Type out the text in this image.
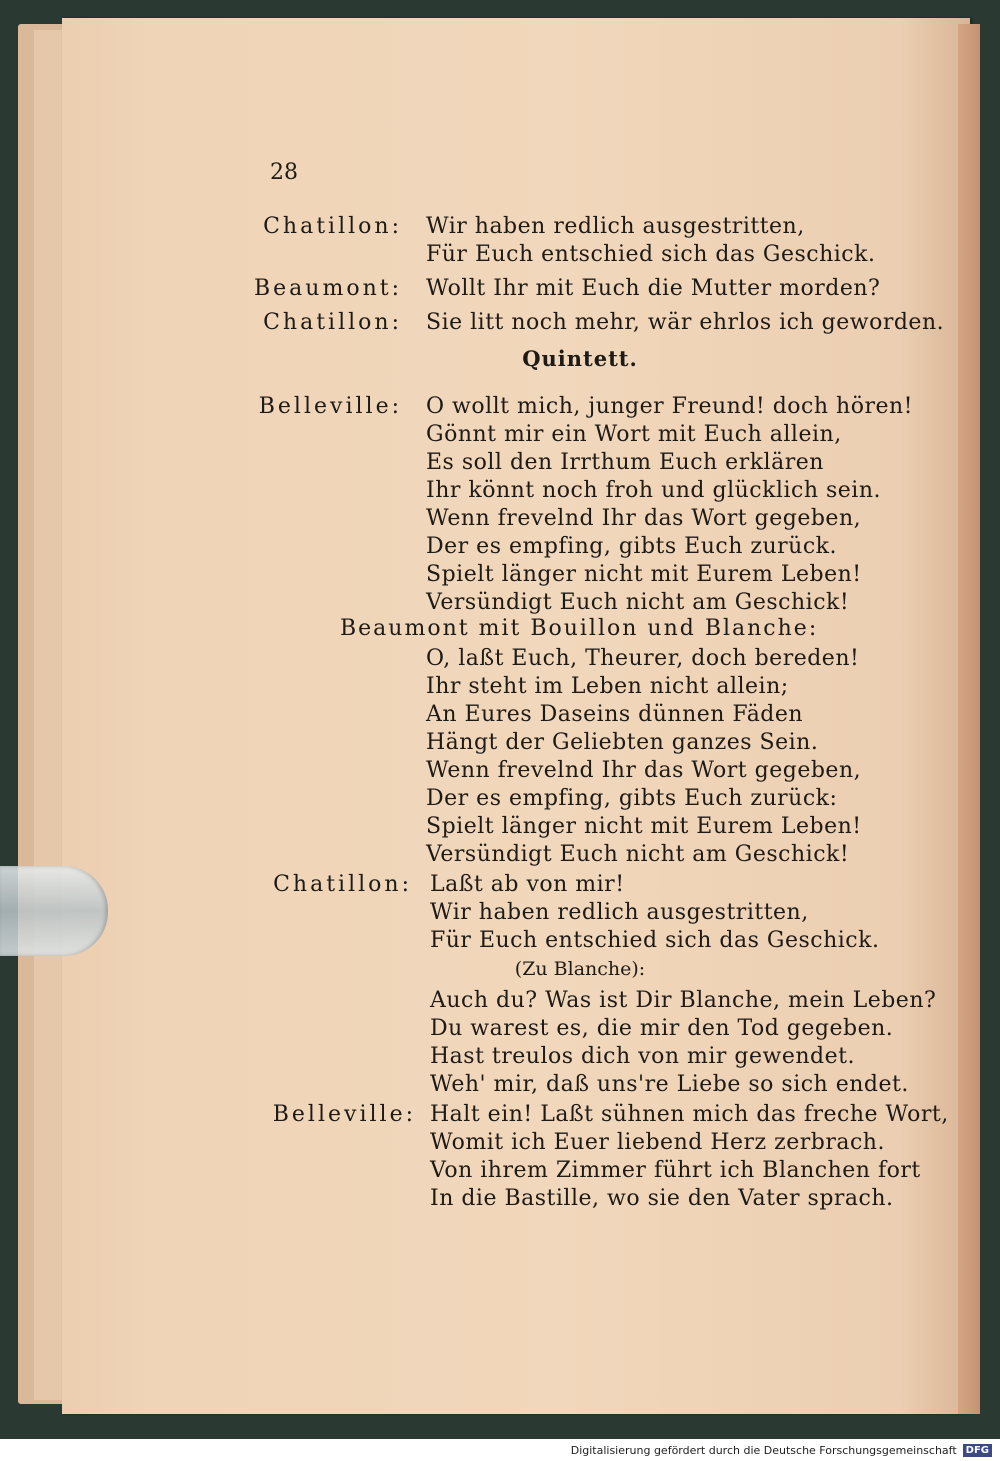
28
Chatillon: Wir haben redlich ausgestritten,
Für Euch entschied sich das Geschick.
Beaumont: Wollt Ihr mit Euch die Mutter morden?
Chatillon: Sie litt noch mehr, wär ehrlos ich geworden.
Quintett.
Belleville: O wollt mich, junger Freund! doch hören!
Gönnt mir ein Wort mit Euch allein,
Es soll den Irrthum Euch erklären
Ihr könnt noch froh und glücklich sein.
Wenn frevelnd Ihr das Wort gegeben,
Der es empfing, gibts Euch zurück.
Spielt länger nicht mit Eurem Leben!
Versündigt Euch nicht am Geschick!
Beaumont mit Bouillon und Blanche:
O, laßt Euch, Theurer, doch bereden!
Ihr steht im Leben nicht allein;
An Eures Daseins dünnen Fäden
Hängt der Geliebten ganzes Sein.
Wenn frevelnd Ihr das Wort gegeben,
Der es empfing, gibts Euch zurück:
Spielt länger nicht mit Eurem Leben!
Versündigt Euch nicht am Geschick!
Chatillon: Laßt ab von mir!
Wir haben redlich ausgestritten,
Für Euch entschied sich das Geschick.
(Zu Blanche):
Auch du? Was ist Dir Blanche, mein Leben?
Du warest es, die mir den Tod gegeben.
Hast treulos dich von mir gewendet.
Weh' mir, daß uns're Liebe so sich endet.
Belleville: Halt ein! Laßt sühnen mich das freche Wort,
Womit ich Euer liebend Herz zerbrach.
Von ihrem Zimmer führt ich Blanchen fort
In die Bastille, wo sie den Vater sprach.
Digitalisierung gefördert durch die Deutsche Forschungsgemeinschaft DFG
